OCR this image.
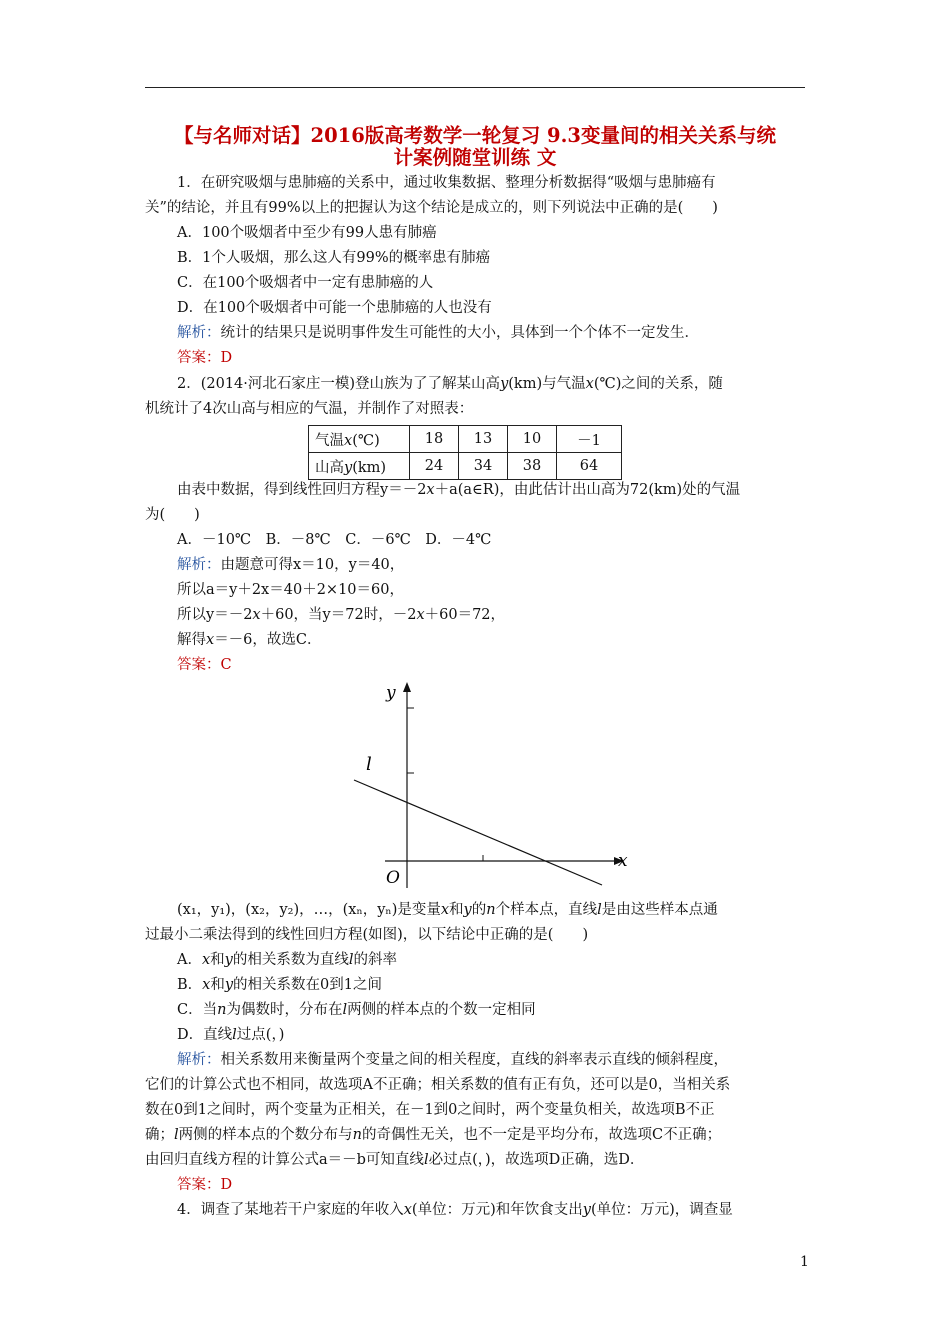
【与名师对话】2016版高考数学一轮复习 9.3变量间的相关关系与统
计案例随堂训练 文
1．在研究吸烟与患肺癌的关系中，通过收集数据、整理分析数据得“吸烟与患肺癌有
关”的结论，并且有99%以上的把握认为这个结论是成立的，则下列说法中正确的是(　　)
A．100个吸烟者中至少有99人患有肺癌
B．1个人吸烟，那么这人有99%的概率患有肺癌
C．在100个吸烟者中一定有患肺癌的人
D．在100个吸烟者中可能一个患肺癌的人也没有
解析：统计的结果只是说明事件发生可能性的大小，具体到一个个体不一定发生．
答案：D
2．(2014·河北石家庄一模)登山族为了了解某山高y(km)与气温x(℃)之间的关系，随
机统计了4次山高与相应的气温，并制作了对照表：
气温x(℃)	18	13	10	－1
山高y(km)	24	34	38	64
由表中数据，得到线性回归方程y＝－2x＋a(a∈R)，由此估计出山高为72(km)处的气温
为(　　)
A．－10℃　B．－8℃　C．－6℃　D．－4℃
解析：由题意可得x＝10，y＝40，
所以a＝y＋2x＝40＋2×10＝60，
所以y＝－2x＋60，当y＝72时，－2x＋60＝72，
解得x＝－6，故选C．
答案：C
y
x
l
O
(x₁，y₁)，(x₂，y₂)，…，(xₙ，yₙ)是变量x和y的n个样本点，直线l是由这些样本点通
过最小二乘法得到的线性回归方程(如图)，以下结论中正确的是(　　)
A．x和y的相关系数为直线l的斜率
B．x和y的相关系数在0到1之间
C．当n为偶数时，分布在l两侧的样本点的个数一定相同
D．直线l过点(，)
解析：相关系数用来衡量两个变量之间的相关程度，直线的斜率表示直线的倾斜程度，
它们的计算公式也不相同，故选项A不正确；相关系数的值有正有负，还可以是0，当相关系
数在0到1之间时，两个变量为正相关，在－1到0之间时，两个变量负相关，故选项B不正
确；l两侧的样本点的个数分布与n的奇偶性无关，也不一定是平均分布，故选项C不正确；
由回归直线方程的计算公式a＝－b可知直线l必过点(，)，故选项D正确，选D．
答案：D
4．调查了某地若干户家庭的年收入x(单位：万元)和年饮食支出y(单位：万元)，调查显
1
